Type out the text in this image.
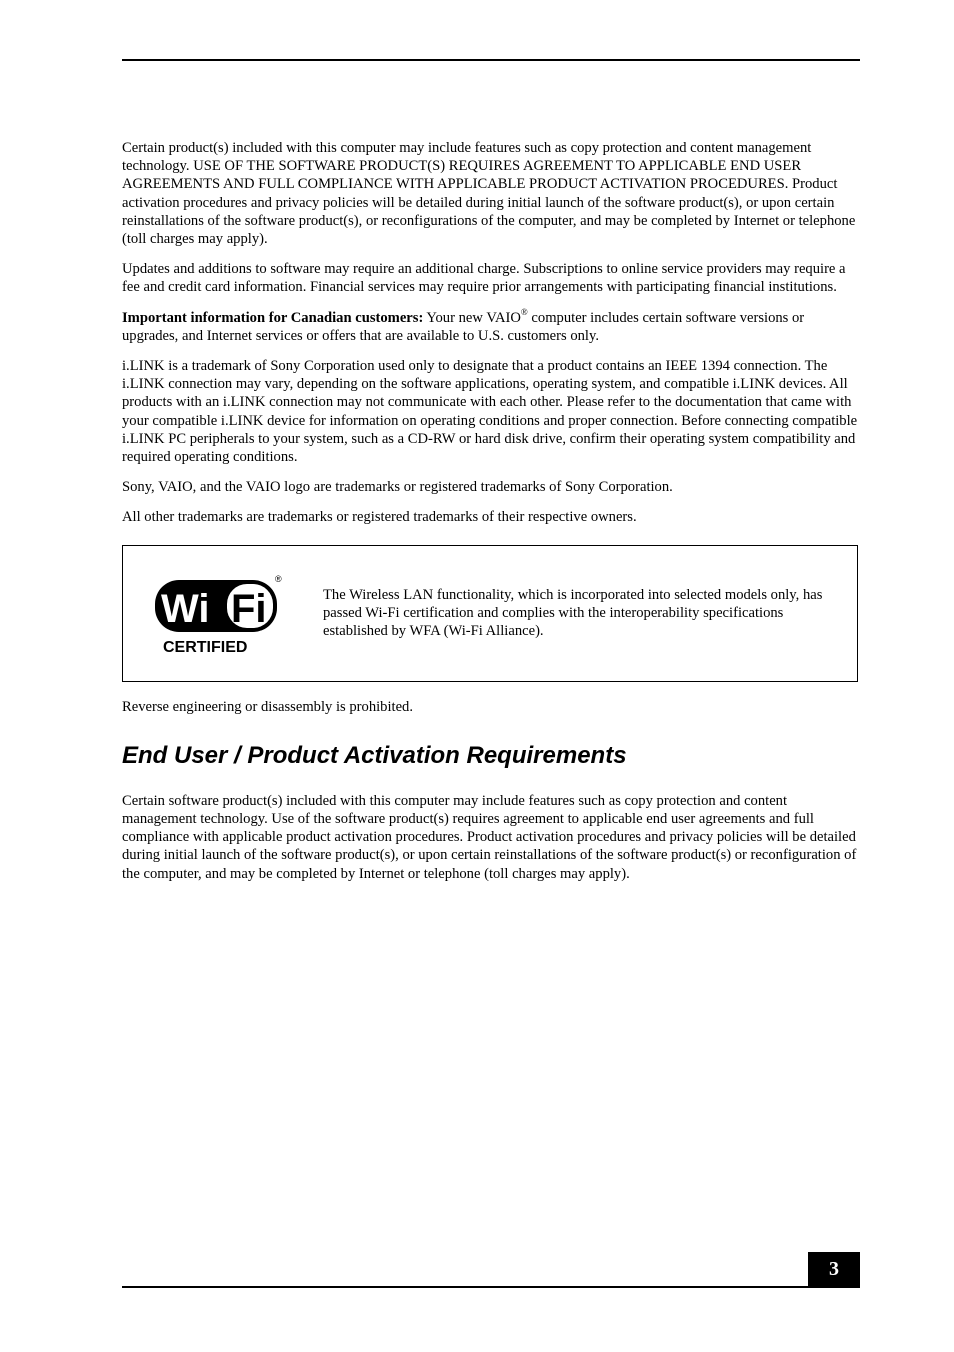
Certain product(s) included with this computer may include features such as copy protection and content management technology. USE OF THE SOFTWARE PRODUCT(S) REQUIRES AGREEMENT TO APPLICABLE END USER AGREEMENTS AND FULL COMPLIANCE WITH APPLICABLE PRODUCT ACTIVATION PROCEDURES. Product activation procedures and privacy policies will be detailed during initial launch of the software product(s), or upon certain reinstallations of the software product(s), or reconfigurations of the computer, and may be completed by Internet or telephone (toll charges may apply).

Updates and additions to software may require an additional charge. Subscriptions to online service providers may require a fee and credit card information. Financial services may require prior arrangements with participating financial institutions.

Important information for Canadian customers: Your new VAIO® computer includes certain software versions or upgrades, and Internet services or offers that are available to U.S. customers only.

i.LINK is a trademark of Sony Corporation used only to designate that a product contains an IEEE 1394 connection. The i.LINK connection may vary, depending on the software applications, operating system, and compatible i.LINK devices. All products with an i.LINK connection may not communicate with each other. Please refer to the documentation that came with your compatible i.LINK device for information on operating conditions and proper connection. Before connecting compatible i.LINK PC peripherals to your system, such as a CD-RW or hard disk drive, confirm their operating system compatibility and required operating conditions.

Sony, VAIO, and the VAIO logo are trademarks or registered trademarks of Sony Corporation.

All other trademarks are trademarks or registered trademarks of their respective owners.

Wi Fi
®
CERTIFIED

The Wireless LAN functionality, which is incorporated into selected models only, has passed Wi-Fi certification and complies with the interoperability specifications established by WFA (Wi-Fi Alliance).

Reverse engineering or disassembly is prohibited.

End User / Product Activation Requirements

Certain software product(s) included with this computer may include features such as copy protection and content management technology. Use of the software product(s) requires agreement to applicable end user agreements and full compliance with applicable product activation procedures. Product activation procedures and privacy policies will be detailed during initial launch of the software product(s), or upon certain reinstallations of the software product(s) or reconfiguration of the computer, and may be completed by Internet or telephone (toll charges may apply).

3
